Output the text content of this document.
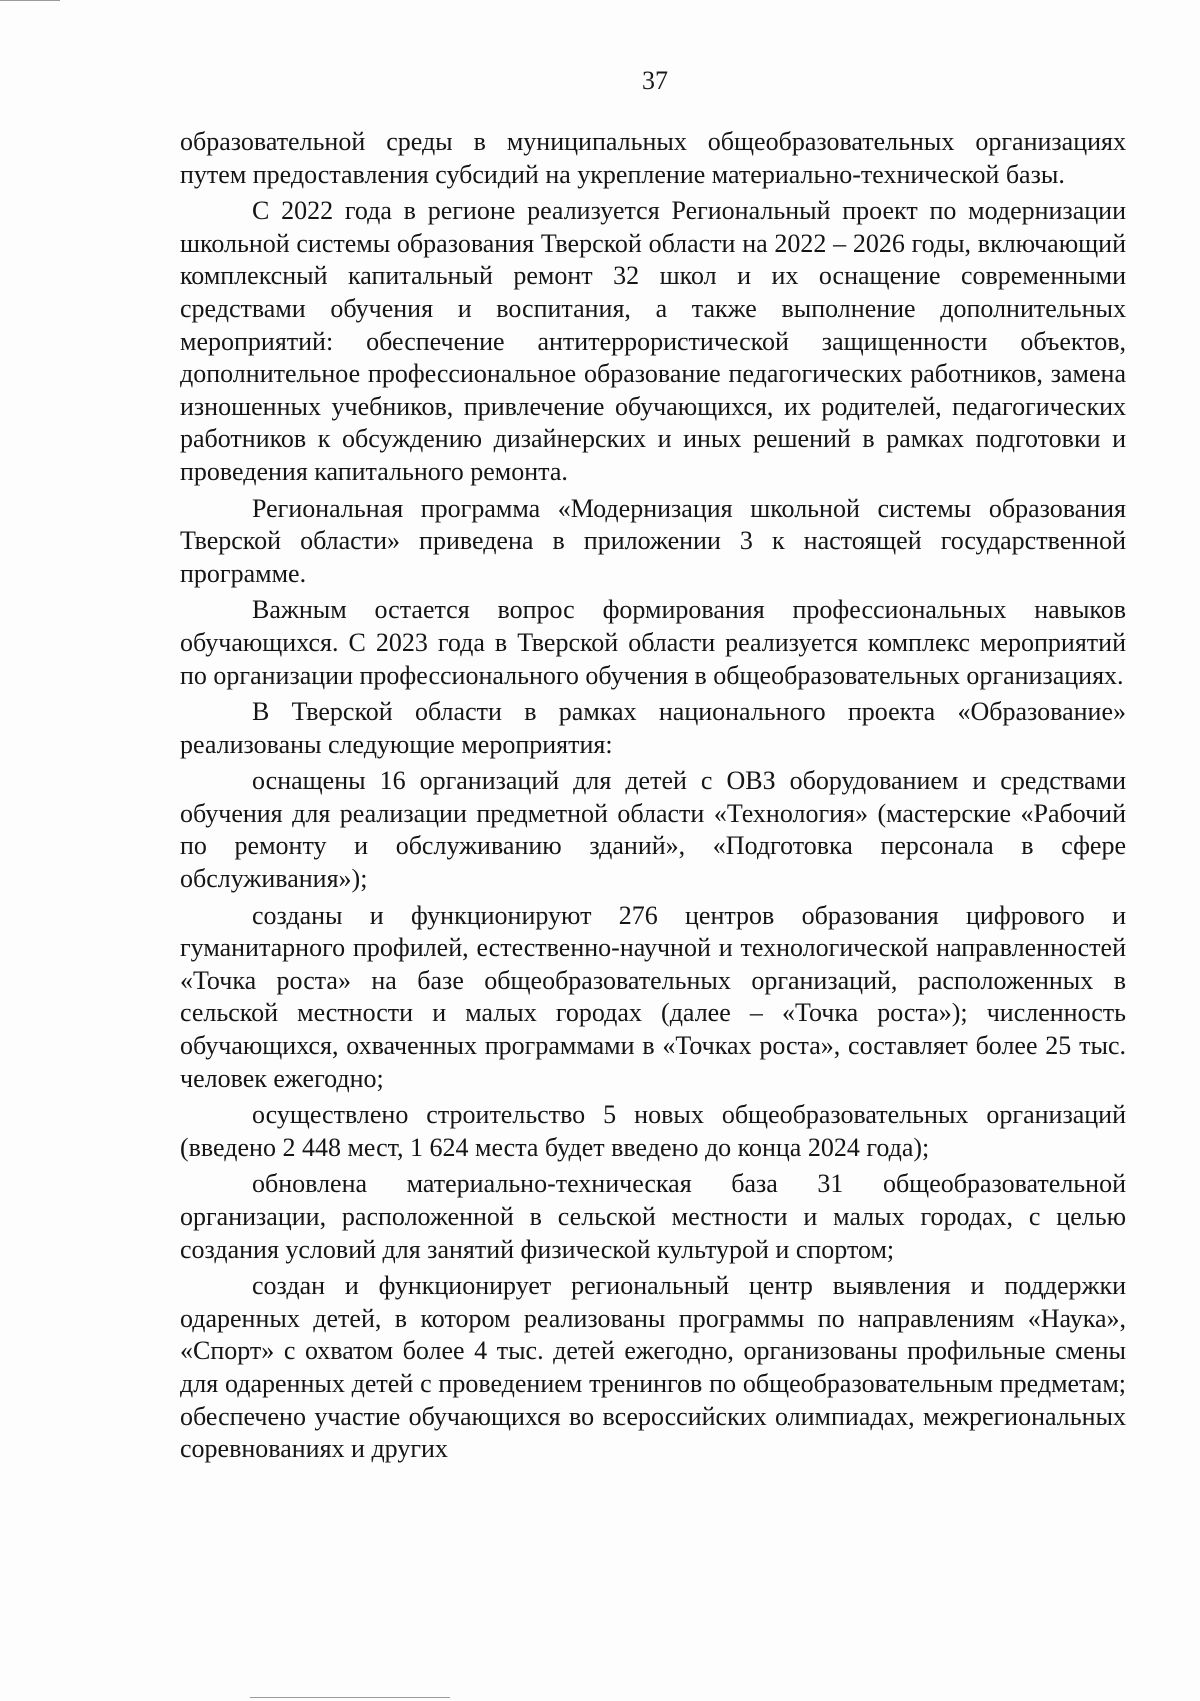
37

образовательной среды в муниципальных общеобразовательных организациях путем предоставления субсидий на укрепление материально-технической базы.

С 2022 года в регионе реализуется Региональный проект по модернизации школьной системы образования Тверской области на 2022 – 2026 годы, включающий комплексный капитальный ремонт 32 школ и их оснащение современными средствами обучения и воспитания, а также выполнение дополнительных мероприятий: обеспечение антитеррористической защищенности объектов, дополнительное профессиональное образование педагогических работников, замена изношенных учебников, привлечение обучающихся, их родителей, педагогических работников к обсуждению дизайнерских и иных решений в рамках подготовки и проведения капитального ремонта.

Региональная программа «Модернизация школьной системы образования Тверской области» приведена в приложении 3 к настоящей государственной программе.

Важным остается вопрос формирования профессиональных навыков обучающихся. С 2023 года в Тверской области реализуется комплекс мероприятий по организации профессионального обучения в общеобразовательных организациях.

В Тверской области в рамках национального проекта «Образование» реализованы следующие мероприятия:

оснащены 16 организаций для детей с ОВЗ оборудованием и средствами обучения для реализации предметной области «Технология» (мастерские «Рабочий по ремонту и обслуживанию зданий», «Подготовка персонала в сфере обслуживания»);

созданы и функционируют 276 центров образования цифрового и гуманитарного профилей, естественно-научной и технологической направленностей «Точка роста» на базе общеобразовательных организаций, расположенных в сельской местности и малых городах (далее – «Точка роста»); численность обучающихся, охваченных программами в «Точках роста», составляет более 25 тыс. человек ежегодно;

осуществлено строительство 5 новых общеобразовательных организаций (введено 2 448 мест, 1 624 места будет введено до конца 2024 года);

обновлена материально-техническая база 31 общеобразовательной организации, расположенной в сельской местности и малых городах, с целью создания условий для занятий физической культурой и спортом;

создан и функционирует региональный центр выявления и поддержки одаренных детей, в котором реализованы программы по направлениям «Наука», «Спорт» с охватом более 4 тыс. детей ежегодно, организованы профильные смены для одаренных детей с проведением тренингов по общеобразовательным предметам; обеспечено участие обучающихся во всероссийских олимпиадах, межрегиональных соревнованиях и других
